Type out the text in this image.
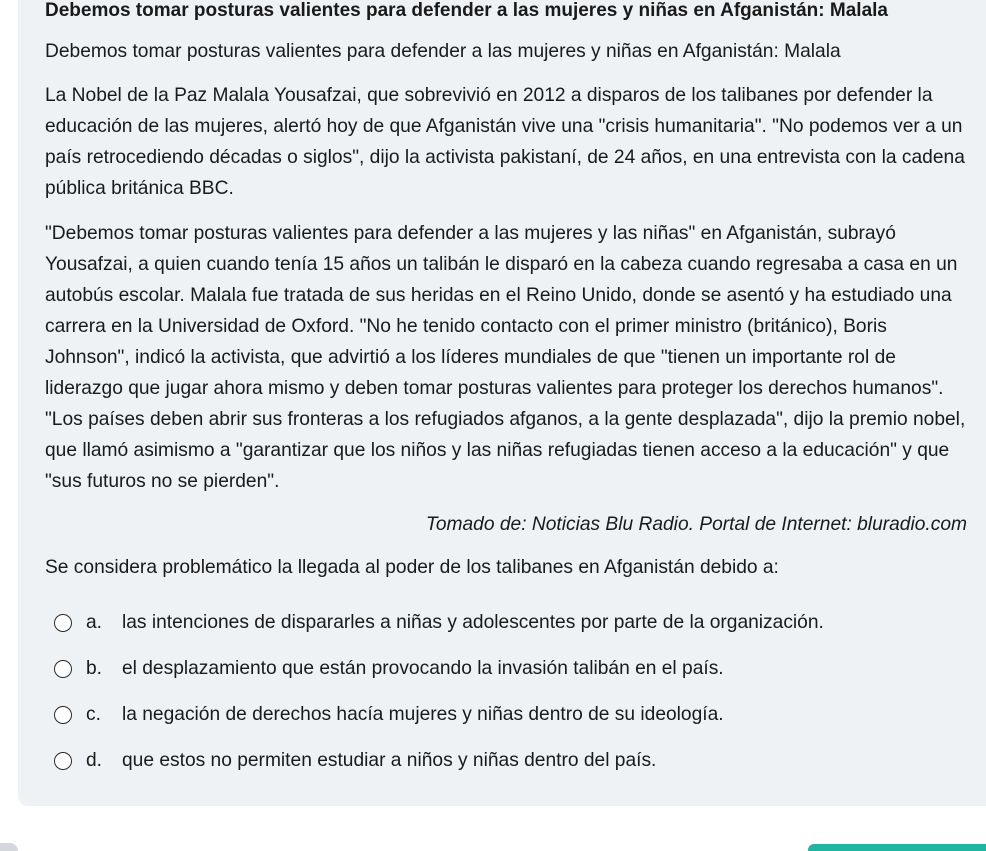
Debemos tomar posturas valientes para defender a las mujeres y niñas en Afganistán: Malala

Debemos tomar posturas valientes para defender a las mujeres y niñas en Afganistán: Malala

La Nobel de la Paz Malala Yousafzai, que sobrevivió en 2012 a disparos de los talibanes por defender la educación de las mujeres, alertó hoy de que Afganistán vive una "crisis humanitaria". "No podemos ver a un país retrocediendo décadas o siglos", dijo la activista pakistaní, de 24 años, en una entrevista con la cadena pública británica BBC.

"Debemos tomar posturas valientes para defender a las mujeres y las niñas" en Afganistán, subrayó Yousafzai, a quien cuando tenía 15 años un talibán le disparó en la cabeza cuando regresaba a casa en un autobús escolar. Malala fue tratada de sus heridas en el Reino Unido, donde se asentó y ha estudiado una carrera en la Universidad de Oxford. "No he tenido contacto con el primer ministro (británico), Boris Johnson", indicó la activista, que advirtió a los líderes mundiales de que "tienen un importante rol de liderazgo que jugar ahora mismo y deben tomar posturas valientes para proteger los derechos humanos". "Los países deben abrir sus fronteras a los refugiados afganos, a la gente desplazada", dijo la premio nobel, que llamó asimismo a "garantizar que los niños y las niñas refugiadas tienen acceso a la educación" y que "sus futuros no se pierden".

Tomado de: Noticias Blu Radio. Portal de Internet: bluradio.com

Se considera problemático la llegada al poder de los talibanes en Afganistán debido a:

a.	las intenciones de dispararles a niñas y adolescentes por parte de la organización.
b.	el desplazamiento que están provocando la invasión talibán en el país.
c.	la negación de derechos hacía mujeres y niñas dentro de su ideología.
d.	que estos no permiten estudiar a niños y niñas dentro del país.
